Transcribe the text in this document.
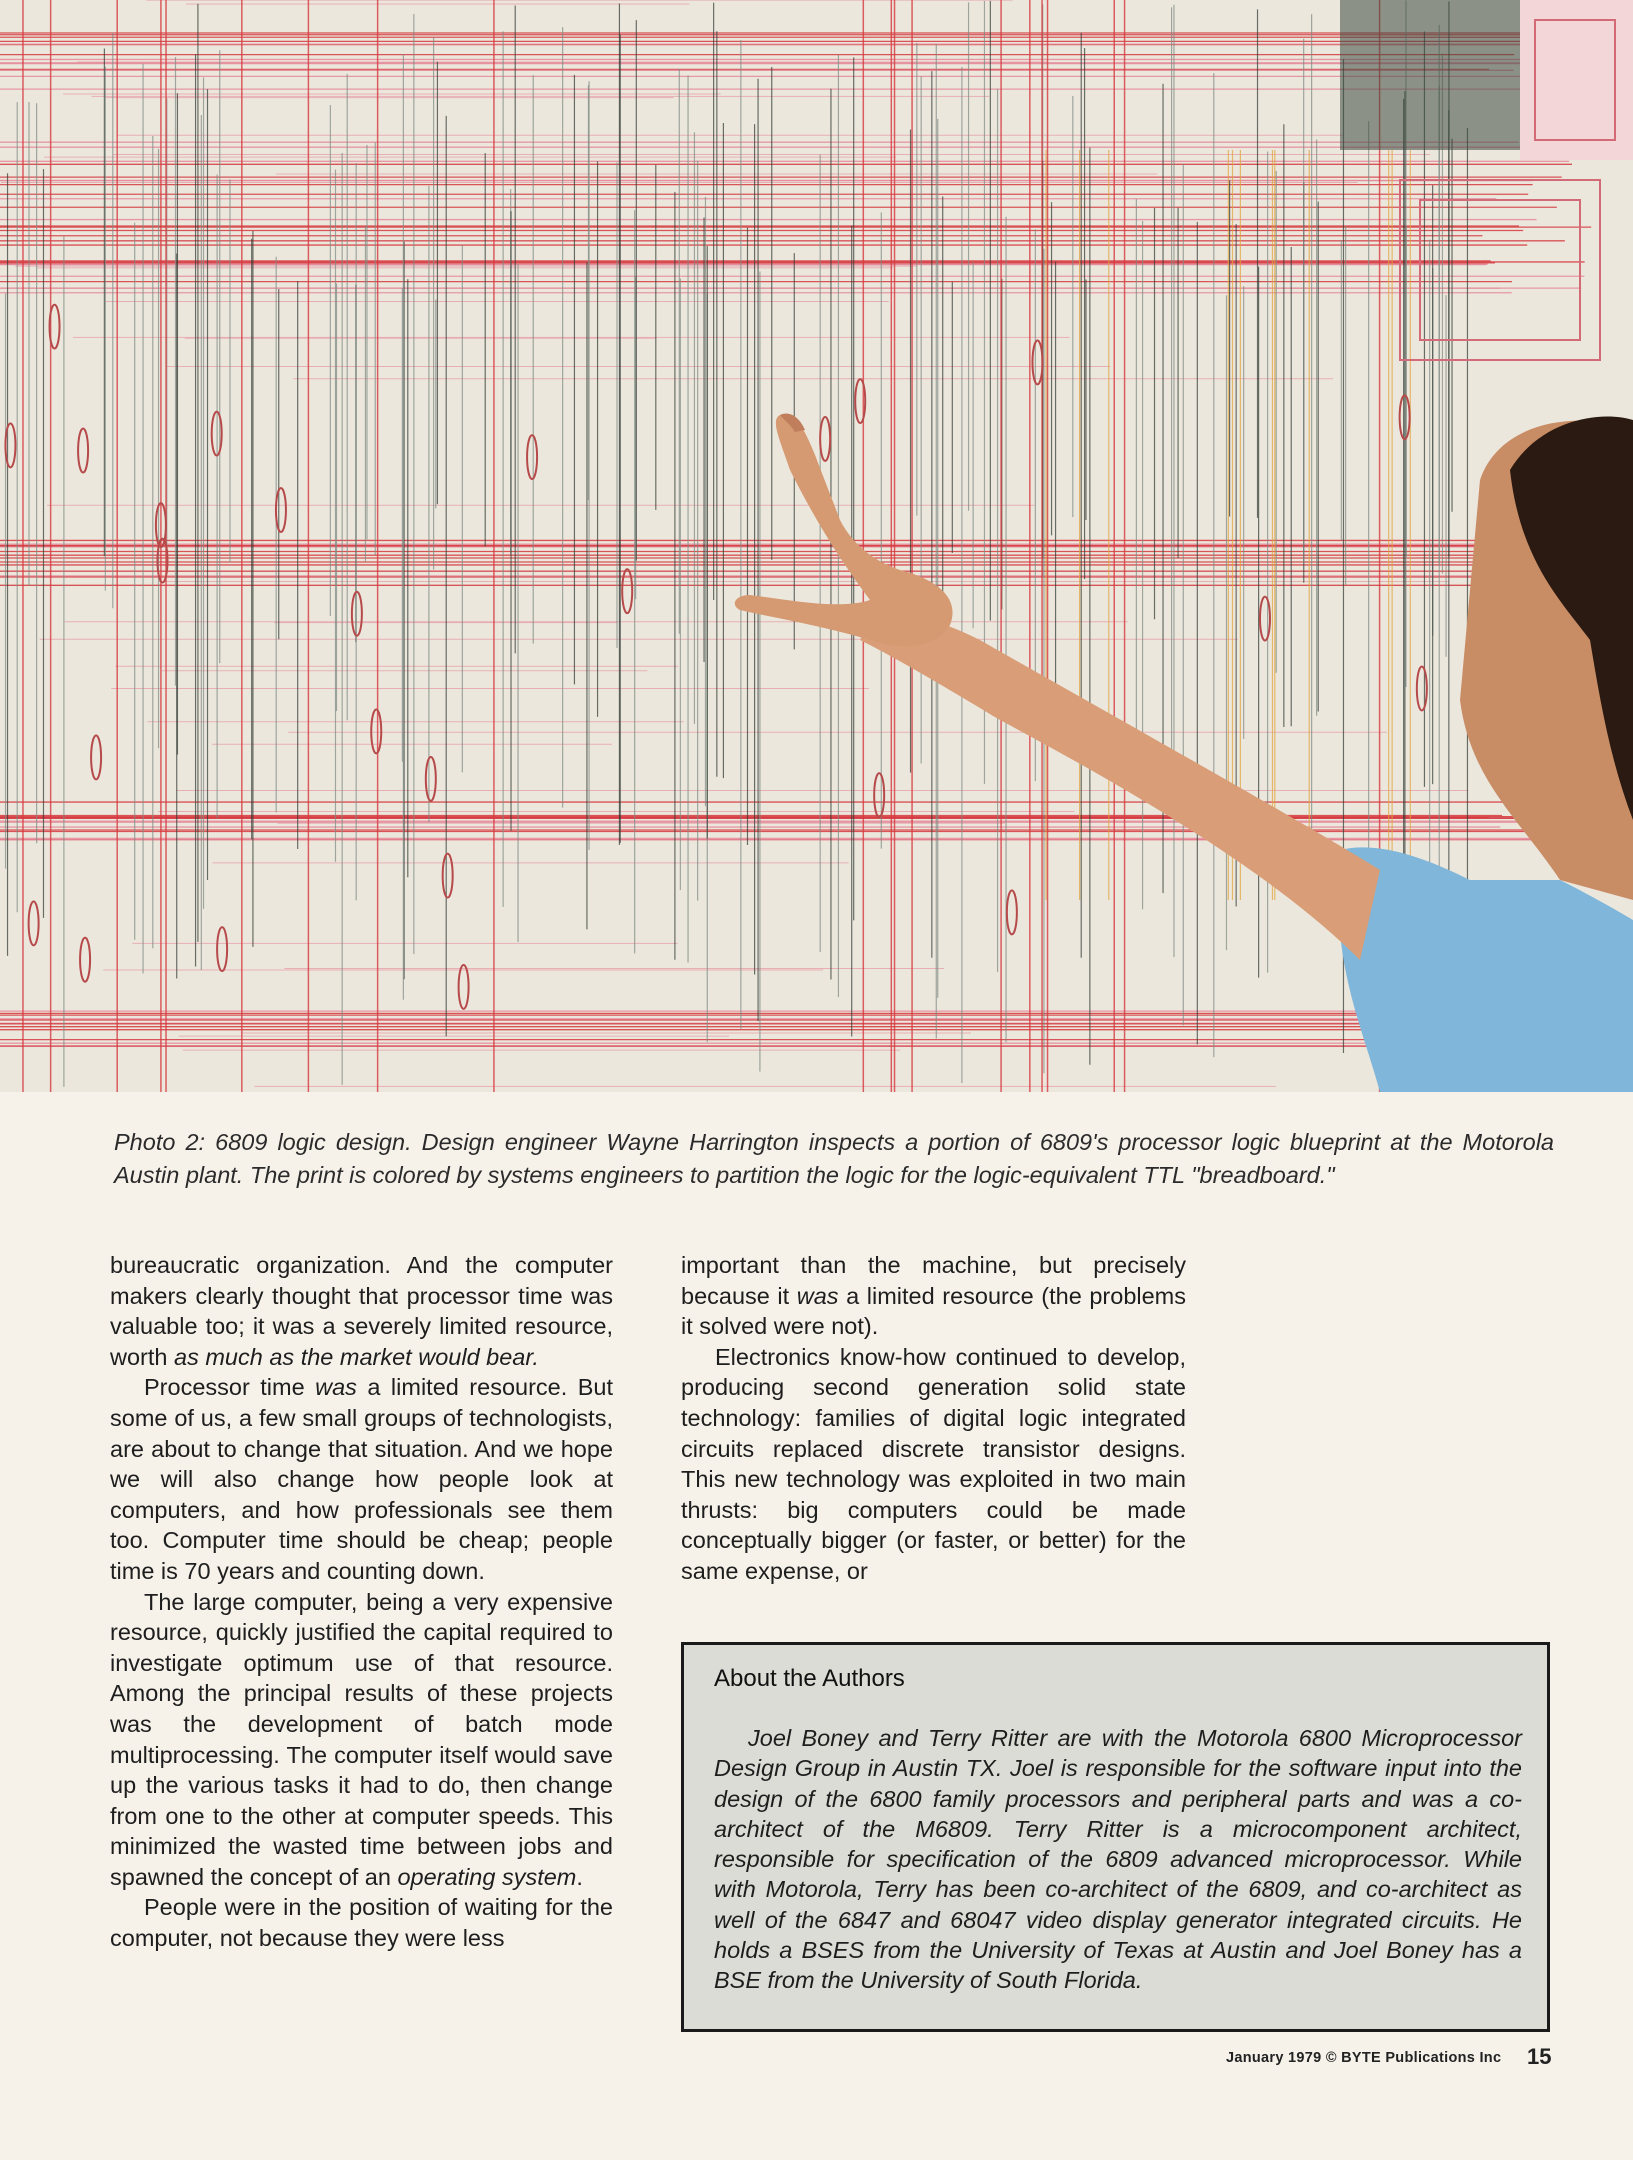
Photo 2: 6809 logic design. Design engineer Wayne Harrington inspects a portion of 6809's processor logic blueprint at the Motorola Austin plant. The print is colored by systems engineers to partition the logic for the logic-equivalent TTL "breadboard."

bureaucratic organization. And the computer makers clearly thought that processor time was valuable too; it was a severely limited resource, worth as much as the market would bear.

Processor time was a limited resource. But some of us, a few small groups of technologists, are about to change that situation. And we hope we will also change how people look at computers, and how professionals see them too. Computer time should be cheap; people time is 70 years and counting down.

The large computer, being a very expensive resource, quickly justified the capital required to investigate optimum use of that resource. Among the principal results of these projects was the development of batch mode multiprocessing. The computer itself would save up the various tasks it had to do, then change from one to the other at computer speeds. This minimized the wasted time between jobs and spawned the concept of an operating system.

People were in the position of waiting for the computer, not because they were less

important than the machine, but precisely because it was a limited resource (the problems it solved were not).

Electronics know-how continued to develop, producing second generation solid state technology: families of digital logic integrated circuits replaced discrete transistor designs. This new technology was exploited in two main thrusts: big computers could be made conceptually bigger (or faster, or better) for the same expense, or

About the Authors

Joel Boney and Terry Ritter are with the Motorola 6800 Microprocessor Design Group in Austin TX. Joel is responsible for the software input into the design of the 6800 family processors and peripheral parts and was a co-architect of the M6809. Terry Ritter is a microcomponent architect, responsible for specification of the 6809 advanced microprocessor. While with Motorola, Terry has been co-architect of the 6809, and co-architect as well of the 6847 and 68047 video display generator integrated circuits. He holds a BSES from the University of Texas at Austin and Joel Boney has a BSE from the University of South Florida.

January 1979 © BYTE Publications Inc 15
